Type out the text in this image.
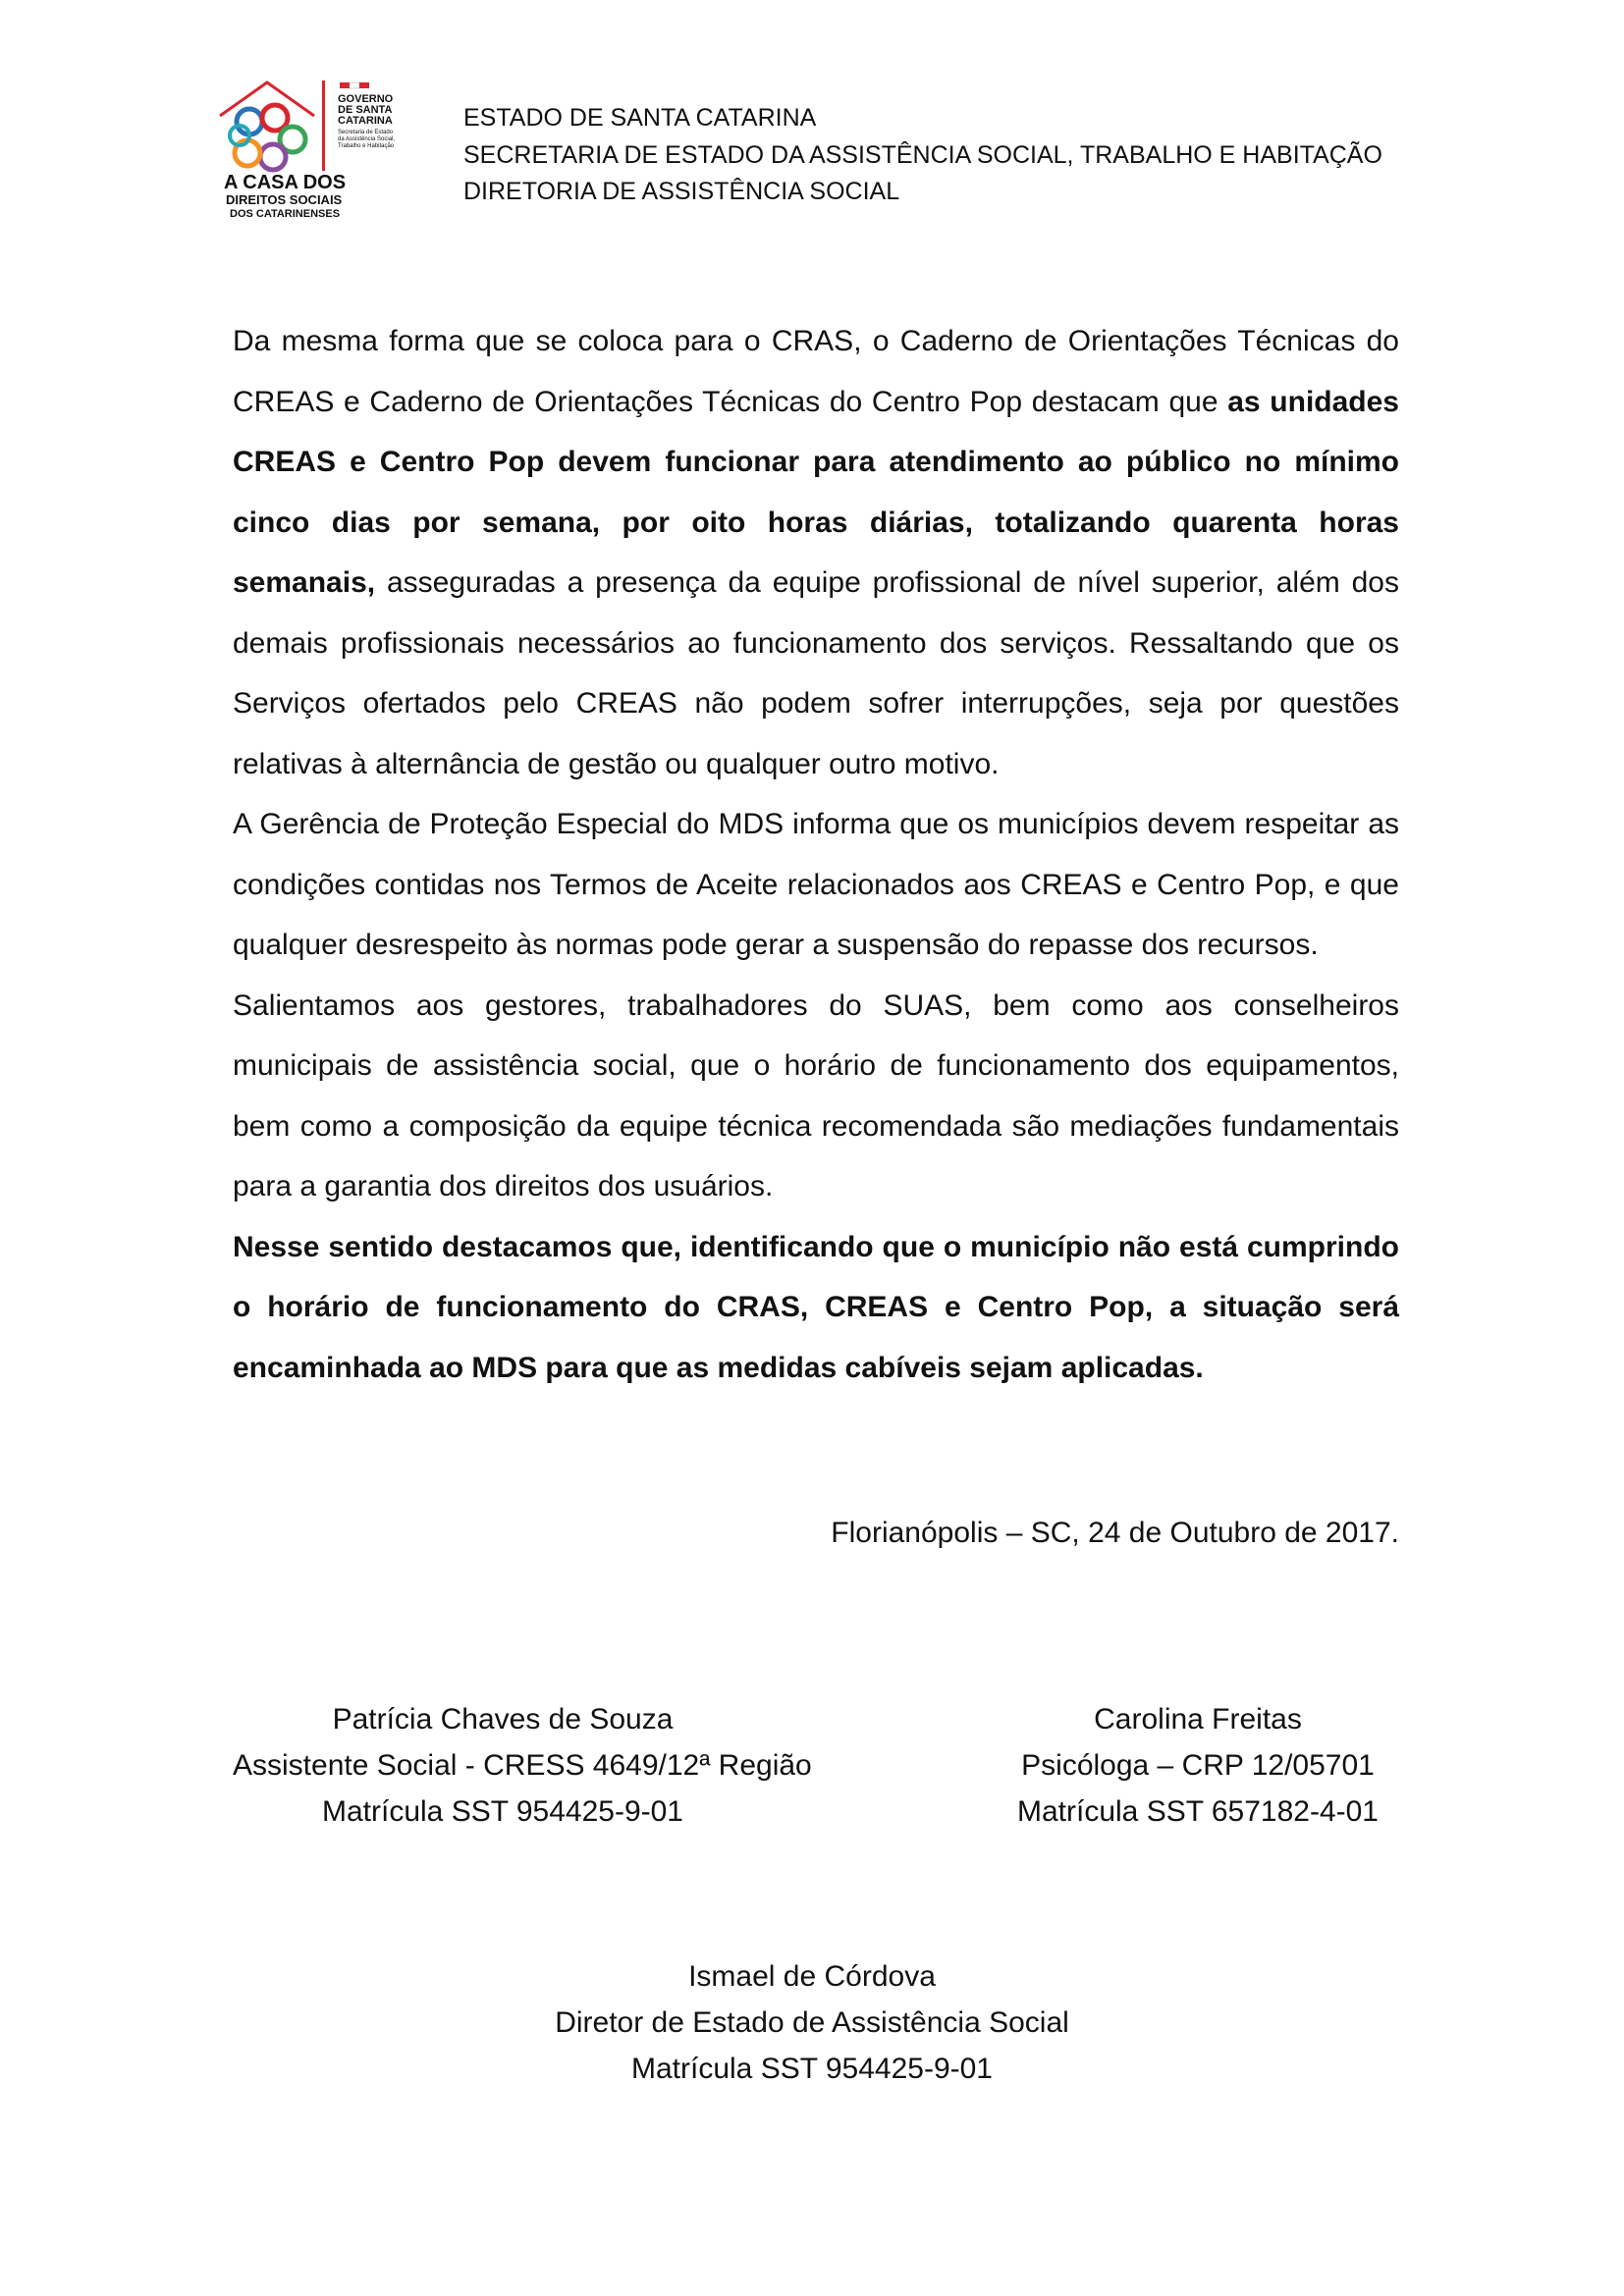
GOVERNO
DE SANTA
CATARINA
Secretaria de Estado
da Assistência Social,
Trabalho e Habitação
A CASA DOS
DIREITOS SOCIAIS
DOS CATARINENSES
ESTADO DE SANTA CATARINA
SECRETARIA DE ESTADO DA ASSISTÊNCIA SOCIAL, TRABALHO E HABITAÇÃO
DIRETORIA DE ASSISTÊNCIA SOCIAL

Da mesma forma que se coloca para o CRAS, o Caderno de Orientações Técnicas do CREAS e Caderno de Orientações Técnicas do Centro Pop destacam que as unidades CREAS e Centro Pop devem funcionar para atendimento ao público no mínimo cinco dias por semana, por oito horas diárias, totalizando quarenta horas semanais, asseguradas a presença da equipe profissional de nível superior, além dos demais profissionais necessários ao funcionamento dos serviços. Ressaltando que os Serviços ofertados pelo CREAS não podem sofrer interrupções, seja por questões relativas à alternância de gestão ou qualquer outro motivo.

A Gerência de Proteção Especial do MDS informa que os municípios devem respeitar as condições contidas nos Termos de Aceite relacionados aos CREAS e Centro Pop, e que qualquer desrespeito às normas pode gerar a suspensão do repasse dos recursos.

Salientamos aos gestores, trabalhadores do SUAS, bem como aos conselheiros municipais de assistência social, que o horário de funcionamento dos equipamentos, bem como a composição da equipe técnica recomendada são mediações fundamentais para a garantia dos direitos dos usuários.

Nesse sentido destacamos que, identificando que o município não está cumprindo o horário de funcionamento do CRAS, CREAS e Centro Pop, a situação será encaminhada ao MDS para que as medidas cabíveis sejam aplicadas.

Florianópolis – SC, 24 de Outubro de 2017.
Patrícia Chaves de Souza
Assistente Social - CRESS 4649/12ª Região
Matrícula SST 954425-9-01
Carolina Freitas
Psicóloga – CRP 12/05701
Matrícula SST 657182-4-01
Ismael de Córdova
Diretor de Estado de Assistência Social
Matrícula SST 954425-9-01
